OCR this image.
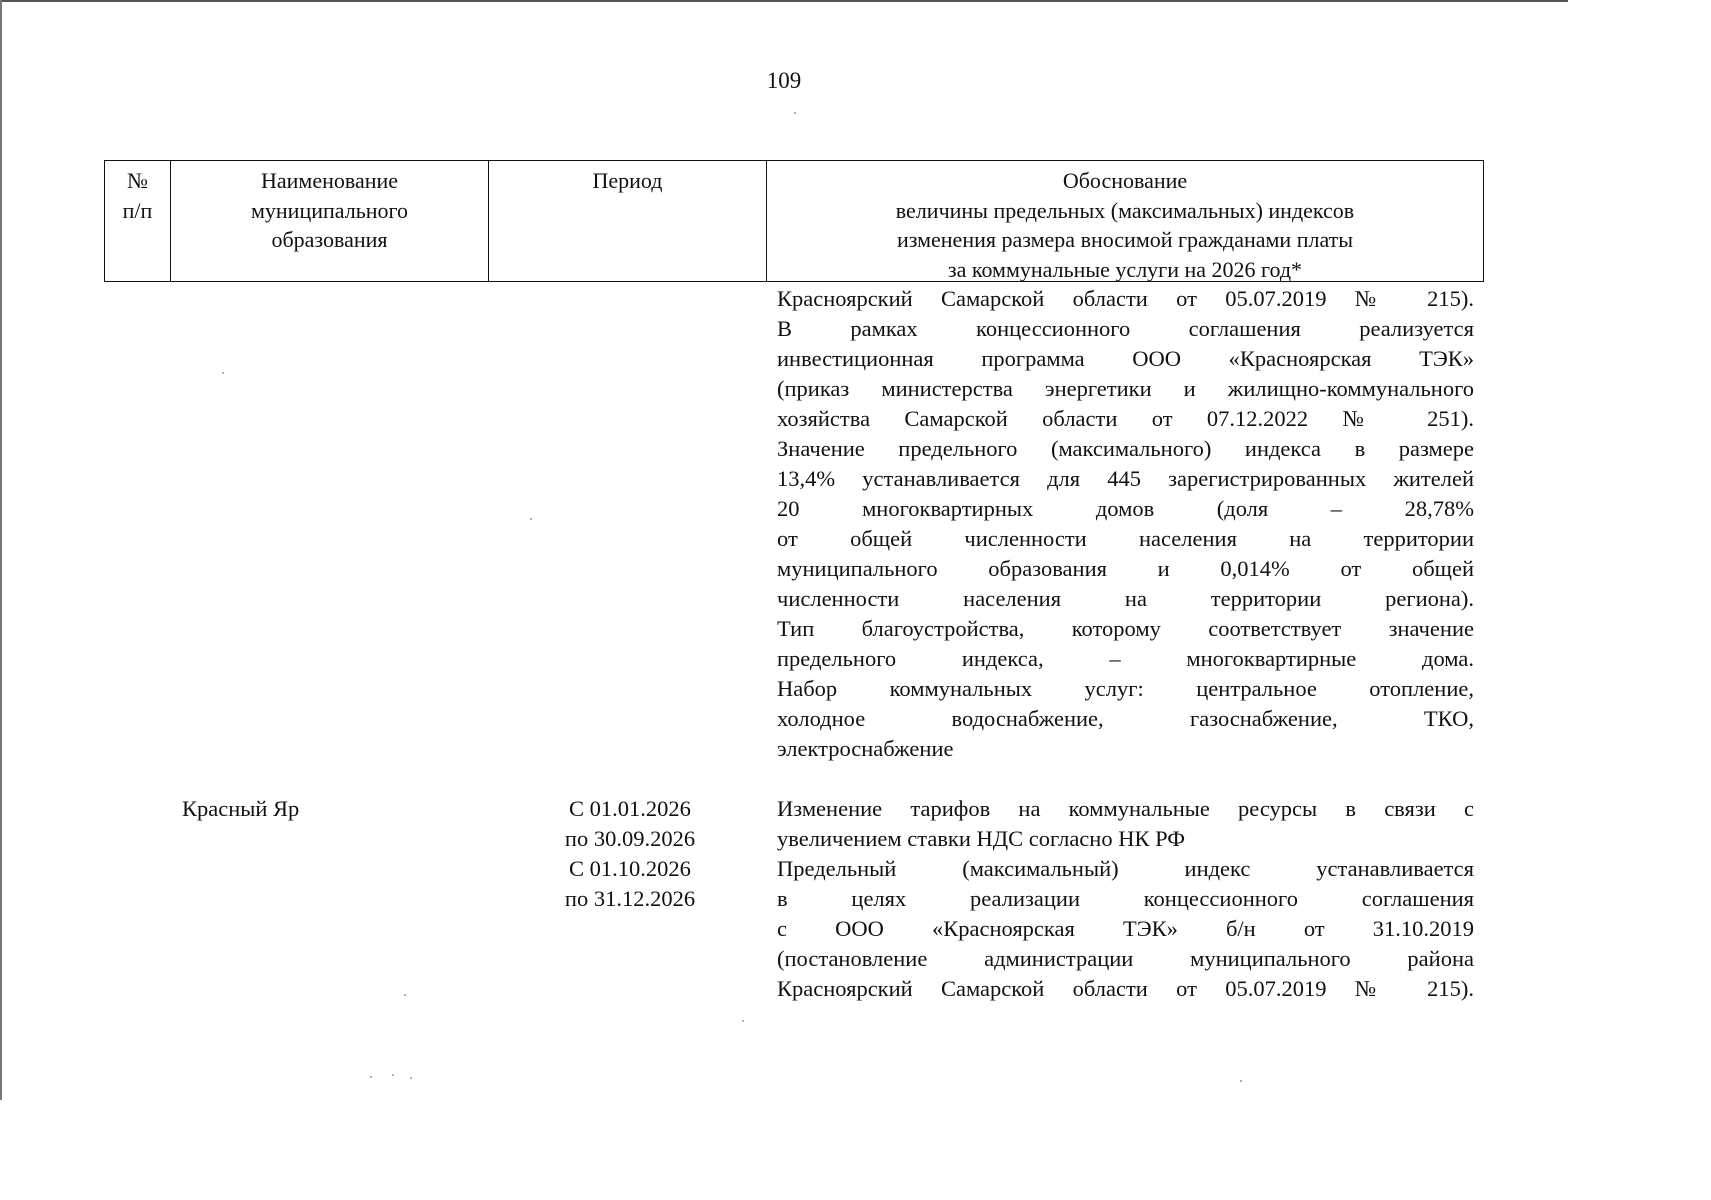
109
№
п/п
Наименование
муниципального
образования
Период	Обоснование
величины предельных (максимальных) индексов
изменения размера вносимой гражданами платы
за коммунальные услуги на 2026 год*
Красноярский Самарской области от 05.07.2019 № 215).
В рамках концессионного соглашения реализуется
инвестиционная программа ООО «Красноярская ТЭК»
(приказ министерства энергетики и жилищно-коммунального
хозяйства Самарской области от 07.12.2022 № 251).
Значение предельного (максимального) индекса в размере
13,4% устанавливается для 445 зарегистрированных жителей
20 многоквартирных домов (доля – 28,78%
от общей численности населения на территории
муниципального образования и 0,014% от общей
численности населения на территории региона).
Тип благоустройства, которому соответствует значение
предельного индекса, – многоквартирные дома.
Набор коммунальных услуг: центральное отопление,
холодное водоснабжение, газоснабжение, ТКО,
электроснабжение
Красный Яр	С 01.01.2026
по 30.09.2026
С 01.10.2026
по 31.12.2026
Изменение тарифов на коммунальные ресурсы в связи с
увеличением ставки НДС согласно НК РФ
Предельный (максимальный) индекс устанавливается
в целях реализации концессионного соглашения
с ООО «Красноярская ТЭК» б/н от 31.10.2019
(постановление администрации муниципального района
Красноярский Самарской области от 05.07.2019 № 215).
